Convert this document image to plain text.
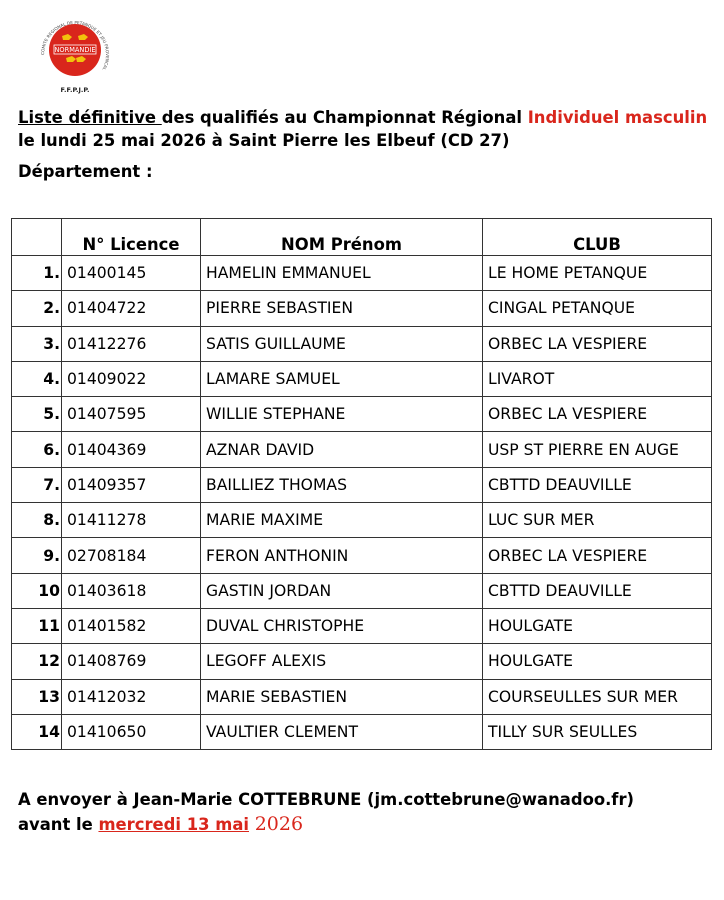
COMITE REGIONAL DE PETANQUE ET JEU PROVENCAL
NORMANDIE
F.F.P.J.P.
Liste définitive des qualifiés au Championnat Régional Individuel masculin le lundi 25 mai 2026 à Saint Pierre les Elbeuf (CD 27)
Département :
	N° Licence	NOM Prénom	CLUB
1.	01400145	HAMELIN EMMANUEL	LE HOME PETANQUE
2.	01404722	PIERRE SEBASTIEN	CINGAL PETANQUE
3.	01412276	SATIS GUILLAUME	ORBEC LA VESPIERE
4.	01409022	LAMARE SAMUEL	LIVAROT
5.	01407595	WILLIE STEPHANE	ORBEC LA VESPIERE
6.	01404369	AZNAR DAVID	USP ST PIERRE EN AUGE
7.	01409357	BAILLIEZ THOMAS	CBTTD DEAUVILLE
8.	01411278	MARIE MAXIME	LUC SUR MER
9.	02708184	FERON ANTHONIN	ORBEC LA VESPIERE
10	01403618	GASTIN JORDAN	CBTTD DEAUVILLE
11	01401582	DUVAL CHRISTOPHE	HOULGATE
12	01408769	LEGOFF ALEXIS	HOULGATE
13	01412032	MARIE SEBASTIEN	COURSEULLES SUR MER
14	01410650	VAULTIER CLEMENT	TILLY SUR SEULLES
A envoyer à Jean-Marie COTTEBRUNE (jm.cottebrune@wanadoo.fr)
avant le mercredi 13 mai 2026
